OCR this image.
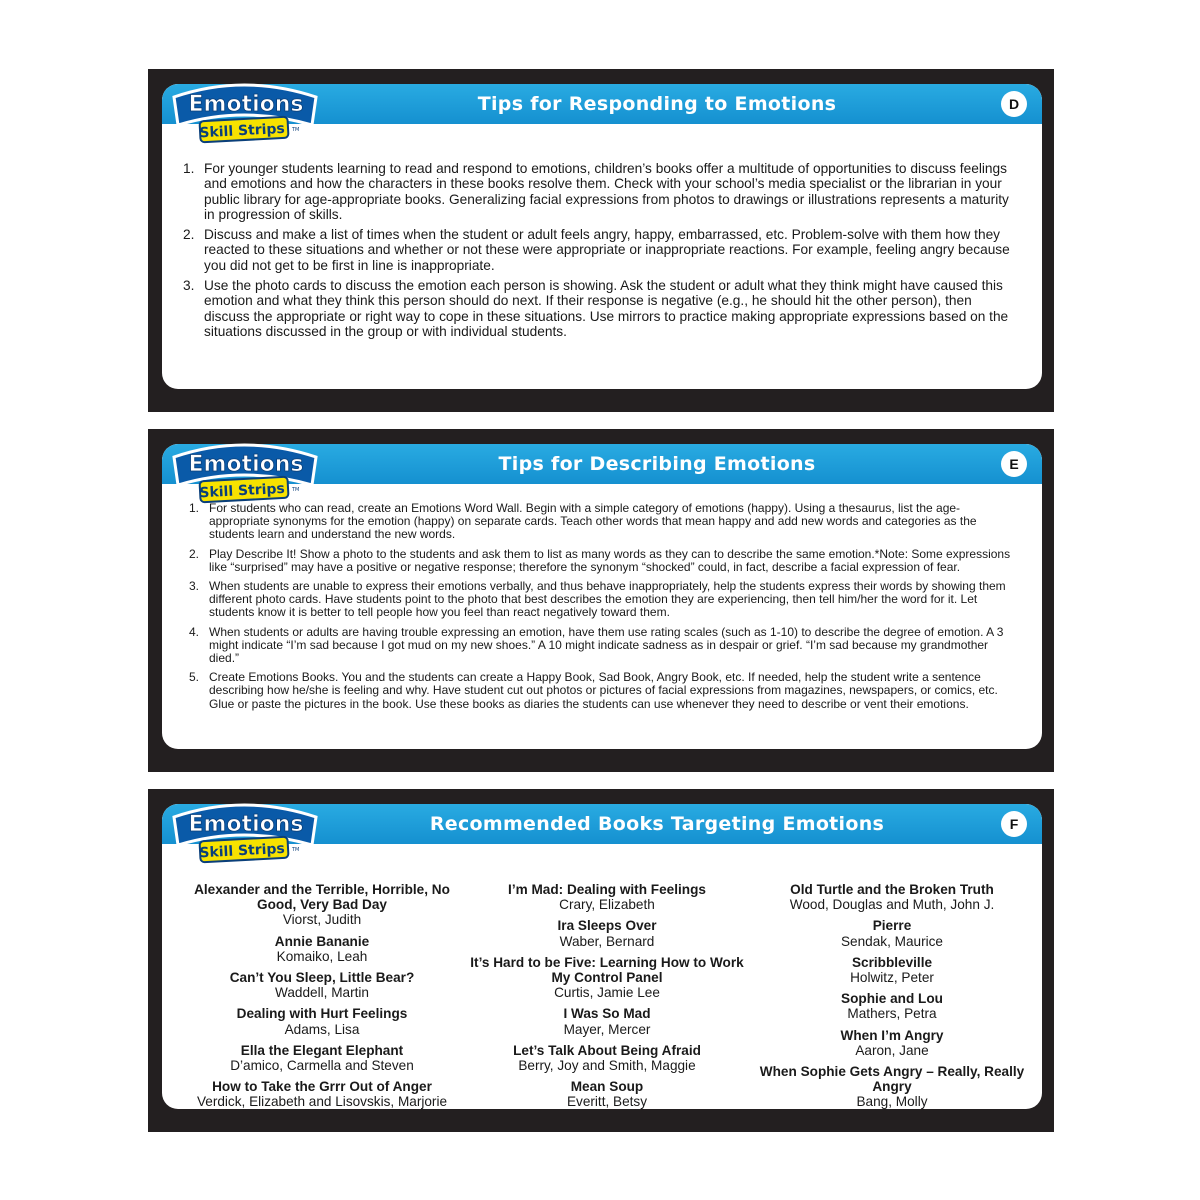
Tips for Responding to Emotions	D
1. For younger students learning to read and respond to emotions, children’s books offer a multitude of opportunities to discuss feelings and emotions and how the characters in these books resolve them. Check with your school’s media specialist or the librarian in your public library for age-appropriate books. Generalizing facial expressions from photos to drawings or illustrations represents a maturity in progression of skills.
2. Discuss and make a list of times when the student or adult feels angry, happy, embarrassed, etc. Problem-solve with them how they reacted to these situations and whether or not these were appropriate or inappropriate reactions. For example, feeling angry because you did not get to be first in line is inappropriate.
3. Use the photo cards to discuss the emotion each person is showing. Ask the student or adult what they think might have caused this emotion and what they think this person should do next. If their response is negative (e.g., he should hit the other person), then discuss the appropriate or right way to cope in these situations. Use mirrors to practice making appropriate expressions based on the situations discussed in the group or with individual students.
© Super Duper® • #STRP-45
Emotions
Skill Strips TM
Tips for Describing Emotions	E
1. For students who can read, create an Emotions Word Wall. Begin with a simple category of emotions (happy). Using a thesaurus, list the age-appropriate synonyms for the emotion (happy) on separate cards. Teach other words that mean happy and add new words and categories as the students learn and understand the new words.
2. Play Describe It! Show a photo to the students and ask them to list as many words as they can to describe the same emotion.*Note: Some expressions like “surprised” may have a positive or negative response; therefore the synonym “shocked” could, in fact, describe a facial expression of fear.
3. When students are unable to express their emotions verbally, and thus behave inappropriately, help the students express their words by showing them different photo cards. Have students point to the photo that best describes the emotion they are experiencing, then tell him/her the word for it. Let students know it is better to tell people how you feel than react negatively toward them.
4. When students or adults are having trouble expressing an emotion, have them use rating scales (such as 1-10) to describe the degree of emotion. A 3 might indicate “I’m sad because I got mud on my new shoes.” A 10 might indicate sadness as in despair or grief. “I’m sad because my grandmother died.”
5. Create Emotions Books. You and the students can create a Happy Book, Sad Book, Angry Book, etc. If needed, help the student write a sentence describing how he/she is feeling and why. Have student cut out photos or pictures of facial expressions from magazines, newspapers, or comics, etc. Glue or paste the pictures in the book. Use these books as diaries the students can use whenever they need to describe or vent their emotions.
© Super Duper® • #STRP-45
Emotions
Skill Strips TM
Recommended Books Targeting Emotions	F
Alexander and the Terrible, Horrible, No Good, Very Bad Day
Viorst, Judith
Annie Bananie
Komaiko, Leah
Can’t You Sleep, Little Bear?
Waddell, Martin
Dealing with Hurt Feelings
Adams, Lisa
Ella the Elegant Elephant
D’amico, Carmella and Steven
How to Take the Grrr Out of Anger
Verdick, Elizabeth and Lisovskis, Marjorie
I’m Mad: Dealing with Feelings
Crary, Elizabeth
Ira Sleeps Over
Waber, Bernard
It’s Hard to be Five: Learning How to Work My Control Panel
Curtis, Jamie Lee
I Was So Mad
Mayer, Mercer
Let’s Talk About Being Afraid
Berry, Joy and Smith, Maggie
Mean Soup
Everitt, Betsy
Old Turtle and the Broken Truth
Wood, Douglas and Muth, John J.
Pierre
Sendak, Maurice
Scribbleville
Holwitz, Peter
Sophie and Lou
Mathers, Petra
When I’m Angry
Aaron, Jane
When Sophie Gets Angry – Really, Really Angry
Bang, Molly
© Super Duper® • #STRP-45
Emotions
Skill Strips TM
